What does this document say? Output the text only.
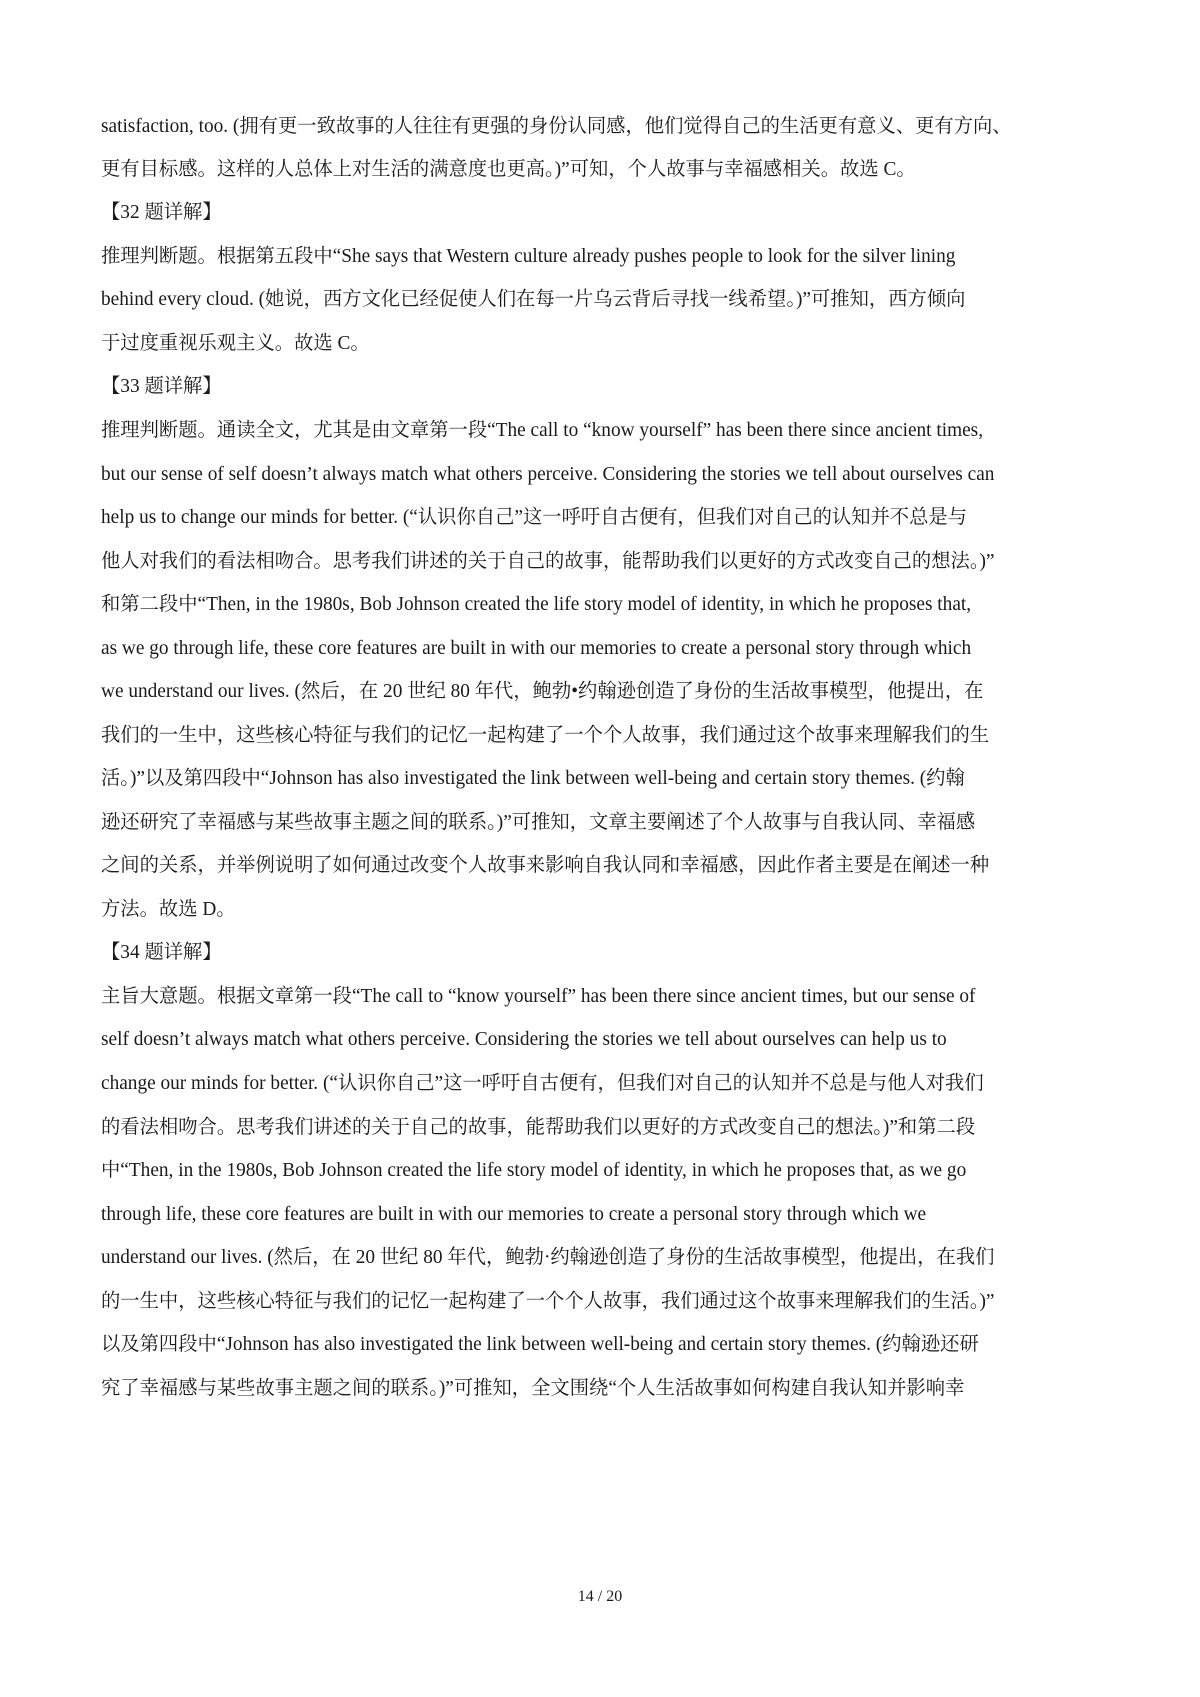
satisfaction, too. (拥有更一致故事的人往往有更强的身份认同感，他们觉得自己的生活更有意义、更有方向、
更有目标感。这样的人总体上对生活的满意度也更高。)”可知，个人故事与幸福感相关。故选 C。
【32 题详解】
推理判断题。根据第五段中“She says that Western culture already pushes people to look for the silver lining
behind every cloud. (她说，西方文化已经促使人们在每一片乌云背后寻找一线希望。)”可推知，西方倾向
于过度重视乐观主义。故选 C。
【33 题详解】
推理判断题。通读全文，尤其是由文章第一段“The call to “know yourself” has been there since ancient times,
but our sense of self doesn’t always match what others perceive. Considering the stories we tell about ourselves can
help us to change our minds for better. (“认识你自己”这一呼吁自古便有，但我们对自己的认知并不总是与
他人对我们的看法相吻合。思考我们讲述的关于自己的故事，能帮助我们以更好的方式改变自己的想法。)”
和第二段中“Then, in the 1980s, Bob Johnson created the life story model of identity, in which he proposes that,
as we go through life, these core features are built in with our memories to create a personal story through which
we understand our lives. (然后，在 20 世纪 80 年代，鲍勃•约翰逊创造了身份的生活故事模型，他提出，在
我们的一生中，这些核心特征与我们的记忆一起构建了一个个人故事，我们通过这个故事来理解我们的生
活。)”以及第四段中“Johnson has also investigated the link between well-being and certain story themes. (约翰
逊还研究了幸福感与某些故事主题之间的联系。)”可推知，文章主要阐述了个人故事与自我认同、幸福感
之间的关系，并举例说明了如何通过改变个人故事来影响自我认同和幸福感，因此作者主要是在阐述一种
方法。故选 D。
【34 题详解】
主旨大意题。根据文章第一段“The call to “know yourself” has been there since ancient times, but our sense of
self doesn’t always match what others perceive. Considering the stories we tell about ourselves can help us to
change our minds for better. (“认识你自己”这一呼吁自古便有，但我们对自己的认知并不总是与他人对我们
的看法相吻合。思考我们讲述的关于自己的故事，能帮助我们以更好的方式改变自己的想法。)”和第二段
中“Then, in the 1980s, Bob Johnson created the life story model of identity, in which he proposes that, as we go
through life, these core features are built in with our memories to create a personal story through which we
understand our lives. (然后，在 20 世纪 80 年代，鲍勃·约翰逊创造了身份的生活故事模型，他提出，在我们
的一生中，这些核心特征与我们的记忆一起构建了一个个人故事，我们通过这个故事来理解我们的生活。)”
以及第四段中“Johnson has also investigated the link between well-being and certain story themes. (约翰逊还研
究了幸福感与某些故事主题之间的联系。)”可推知，全文围绕“个人生活故事如何构建自我认知并影响幸
14 / 20
